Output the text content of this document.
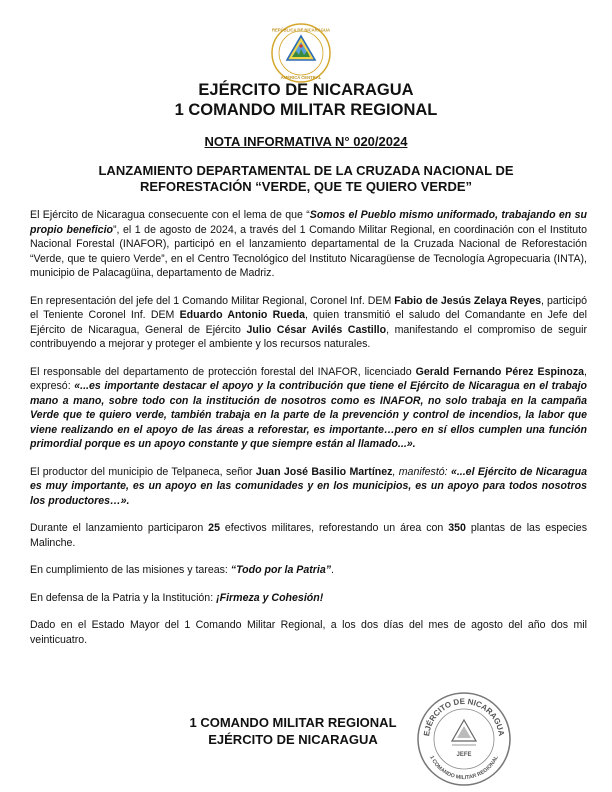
REPÚBLICA DE NICARAGUA
AMÉRICA CENTRAL
EJÉRCITO DE NICARAGUA
1 COMANDO MILITAR REGIONAL
NOTA INFORMATIVA N° 020/2024
LANZAMIENTO DEPARTAMENTAL DE LA CRUZADA NACIONAL DE
REFORESTACIÓN “VERDE, QUE TE QUIERO VERDE”

El Ejército de Nicaragua consecuente con el lema de que “Somos el Pueblo mismo uniformado, trabajando en su propio beneficio”, el 1 de agosto de 2024, a través del 1 Comando Militar Regional, en coordinación con el Instituto Nacional Forestal (INAFOR), participó en el lanzamiento departamental de la Cruzada Nacional de Reforestación “Verde, que te quiero Verde”, en el Centro Tecnológico del Instituto Nicaragüense de Tecnología Agropecuaria (INTA), municipio de Palacagüina, departamento de Madriz.

En representación del jefe del 1 Comando Militar Regional, Coronel Inf. DEM Fabio de Jesús Zelaya Reyes, participó el Teniente Coronel Inf. DEM Eduardo Antonio Rueda, quien transmitió el saludo del Comandante en Jefe del Ejército de Nicaragua, General de Ejército Julio César Avilés Castillo, manifestando el compromiso de seguir contribuyendo a mejorar y proteger el ambiente y los recursos naturales.

El responsable del departamento de protección forestal del INAFOR, licenciado Gerald Fernando Pérez Espinoza, expresó: «...es importante destacar el apoyo y la contribución que tiene el Ejército de Nicaragua en el trabajo mano a mano, sobre todo con la institución de nosotros como es INAFOR, no solo trabaja en la campaña Verde que te quiero verde, también trabaja en la parte de la prevención y control de incendios, la labor que viene realizando en el apoyo de las áreas a reforestar, es importante…pero en sí ellos cumplen una función primordial porque es un apoyo constante y que siempre están al llamado...».

El productor del municipio de Telpaneca, señor Juan José Basilio Martínez, manifestó: «...el Ejército de Nicaragua es muy importante, es un apoyo en las comunidades y en los municipios, es un apoyo para todos nosotros los productores…».

Durante el lanzamiento participaron 25 efectivos militares, reforestando un área con 350 plantas de las especies Malinche.

En cumplimiento de las misiones y tareas: “Todo por la Patria”.

En defensa de la Patria y la Institución: ¡Firmeza y Cohesión!

Dado en el Estado Mayor del 1 Comando Militar Regional, a los dos días del mes de agosto del año dos mil veinticuatro.

1 COMANDO MILITAR REGIONAL
EJÉRCITO DE NICARAGUA	EJÉRCITO DE NICARAGUA
1 COMANDO MILITAR REGIONAL
JEFE
